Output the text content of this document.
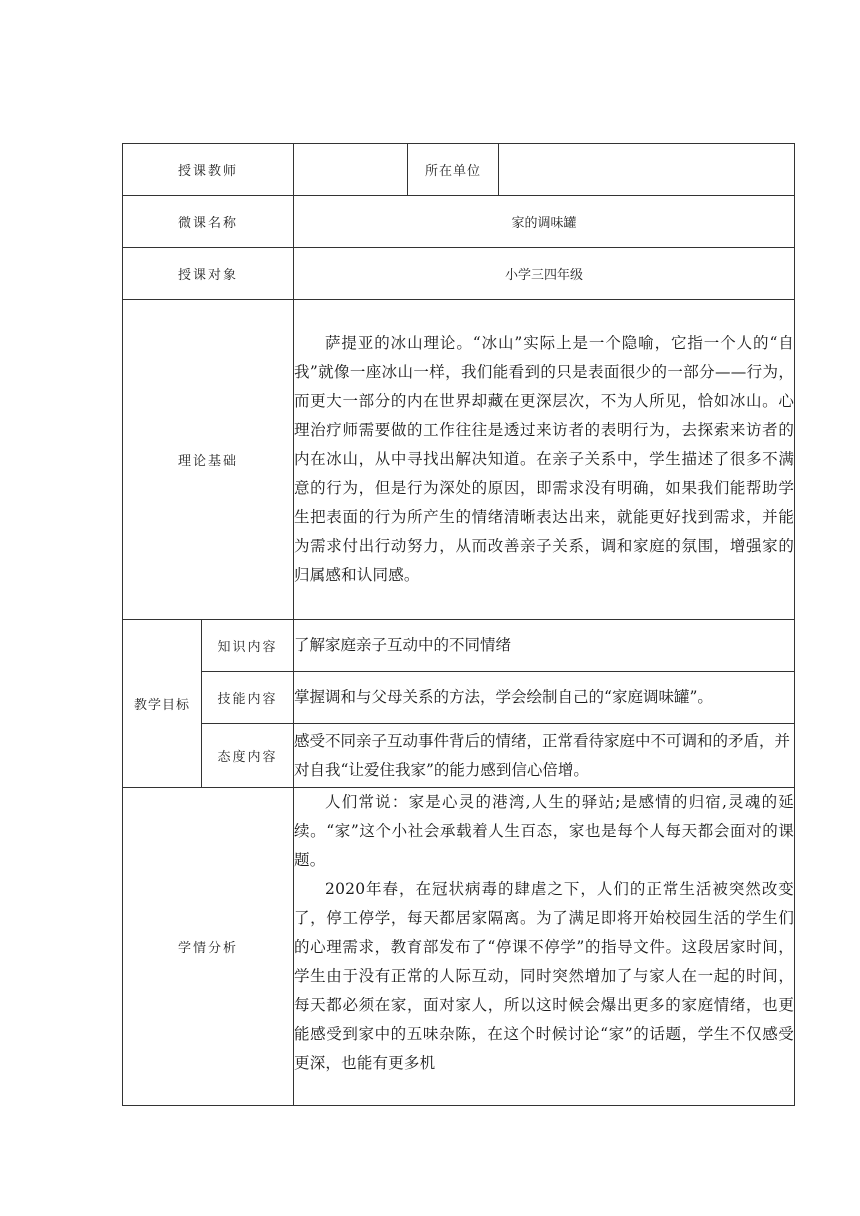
授课教师			所在单位	
微课名称		家的调味罐		
授课对象		小学三四年级		
理论基础		萨提亚的冰山理论。“冰山”实际上是一个隐喻，它指一个人的“自我”就像一座冰山一样，我们能看到的只是表面很少的一部分——行为，而更大一部分的内在世界却藏在更深层次，不为人所见，恰如冰山。心理治疗师需要做的工作往往是透过来访者的表明行为，去探索来访者的内在冰山，从中寻找出解决知道。在亲子关系中，学生描述了很多不满意的行为，但是行为深处的原因，即需求没有明确，如果我们能帮助学生把表面的行为所产生的情绪清晰表达出来，就能更好找到需求，并能为需求付出行动努力，从而改善亲子关系，调和家庭的氛围，增强家的归属感和认同感。		

教学目标	知识内容	了解家庭亲子互动中的不同情绪		
	技能内容	掌握调和与父母关系的方法，学会绘制自己的“家庭调味罐”。		
	态度内容	感受不同亲子互动事件背后的情绪，正常看待家庭中不可调和的矛盾，并对自我“让爱住我家”的能力感到信心倍增。		
学情分析		人们常说：家是心灵的港湾,人生的驿站;是感情的归宿,灵魂的延续。“家”这个小社会承载着人生百态，家也是每个人每天都会面对的课题。

2020年春，在冠状病毒的肆虐之下，人们的正常生活被突然改变了，停工停学，每天都居家隔离。为了满足即将开始校园生活的学生们的心理需求，教育部发布了“停课不停学”的指导文件。这段居家时间，学生由于没有正常的人际互动，同时突然增加了与家人在一起的时间，每天都必须在家，面对家人，所以这时候会爆出更多的家庭情绪，也更能感受到家中的五味杂陈，在这个时候讨论“家”的话题，学生不仅感受更深，也能有更多机		
